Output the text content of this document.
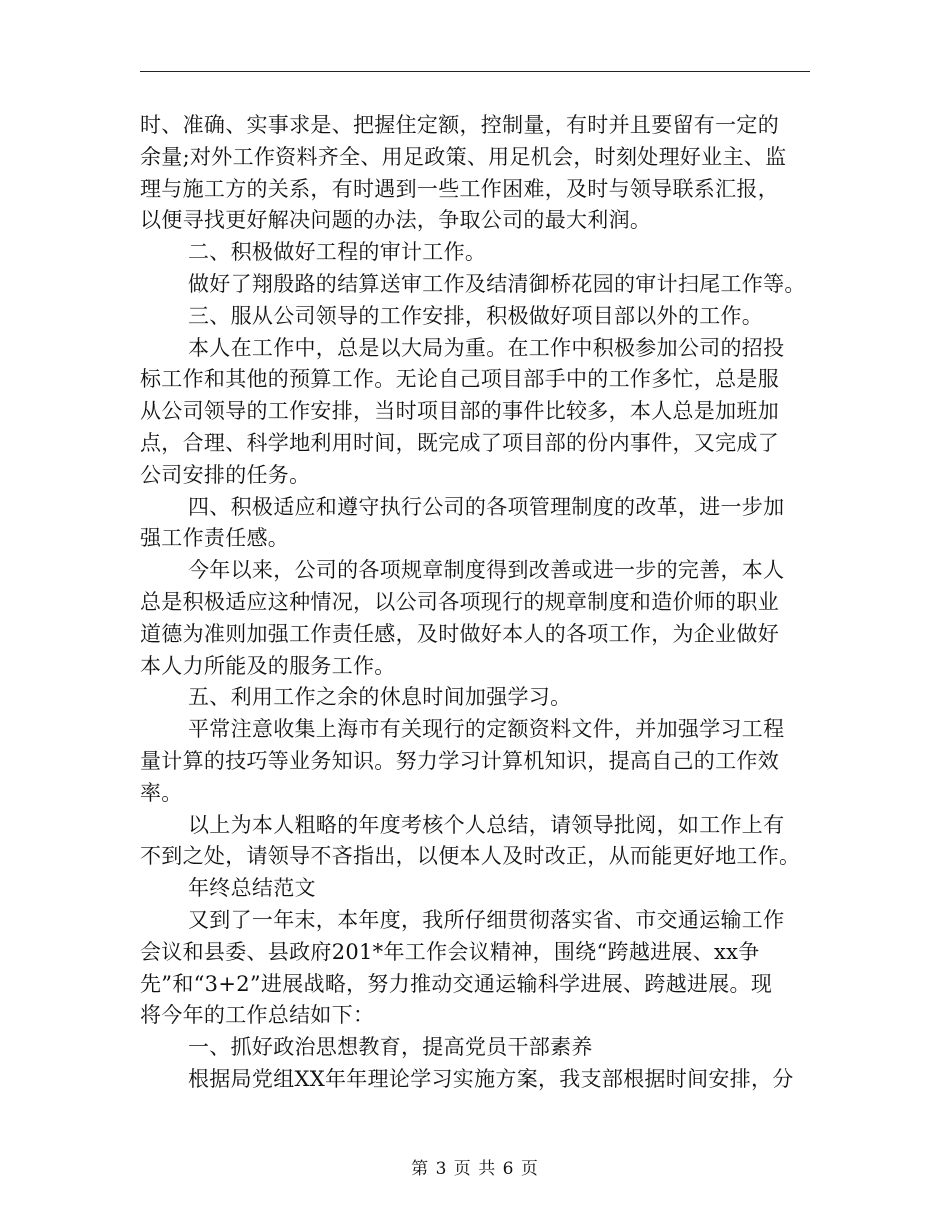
时、准确、实事求是、把握住定额，控制量，有时并且要留有一定的
余量;对外工作资料齐全、用足政策、用足机会，时刻处理好业主、监
理与施工方的关系，有时遇到一些工作困难，及时与领导联系汇报，
以便寻找更好解决问题的办法，争取公司的最大利润。
二、积极做好工程的审计工作。
做好了翔殷路的结算送审工作及结清御桥花园的审计扫尾工作等。
三、服从公司领导的工作安排，积极做好项目部以外的工作。
本人在工作中，总是以大局为重。在工作中积极参加公司的招投
标工作和其他的预算工作。无论自己项目部手中的工作多忙，总是服
从公司领导的工作安排，当时项目部的事件比较多，本人总是加班加
点，合理、科学地利用时间，既完成了项目部的份内事件，又完成了
公司安排的任务。
四、积极适应和遵守执行公司的各项管理制度的改革，进一步加
强工作责任感。
今年以来，公司的各项规章制度得到改善或进一步的完善，本人
总是积极适应这种情况，以公司各项现行的规章制度和造价师的职业
道德为准则加强工作责任感，及时做好本人的各项工作，为企业做好
本人力所能及的服务工作。
五、利用工作之余的休息时间加强学习。
平常注意收集上海市有关现行的定额资料文件，并加强学习工程
量计算的技巧等业务知识。努力学习计算机知识，提高自己的工作效
率。
以上为本人粗略的年度考核个人总结，请领导批阅，如工作上有
不到之处，请领导不吝指出，以便本人及时改正，从而能更好地工作。
年终总结范文
又到了一年末，本年度，我所仔细贯彻落实省、市交通运输工作
会议和县委、县政府201*年工作会议精神，围绕“跨越进展、xx争
先”和“3+2”进展战略，努力推动交通运输科学进展、跨越进展。现
将今年的工作总结如下：
一、抓好政治思想教育，提高党员干部素养
根据局党组XX年年理论学习实施方案，我支部根据时间安排，分
第 3 页 共 6 页
